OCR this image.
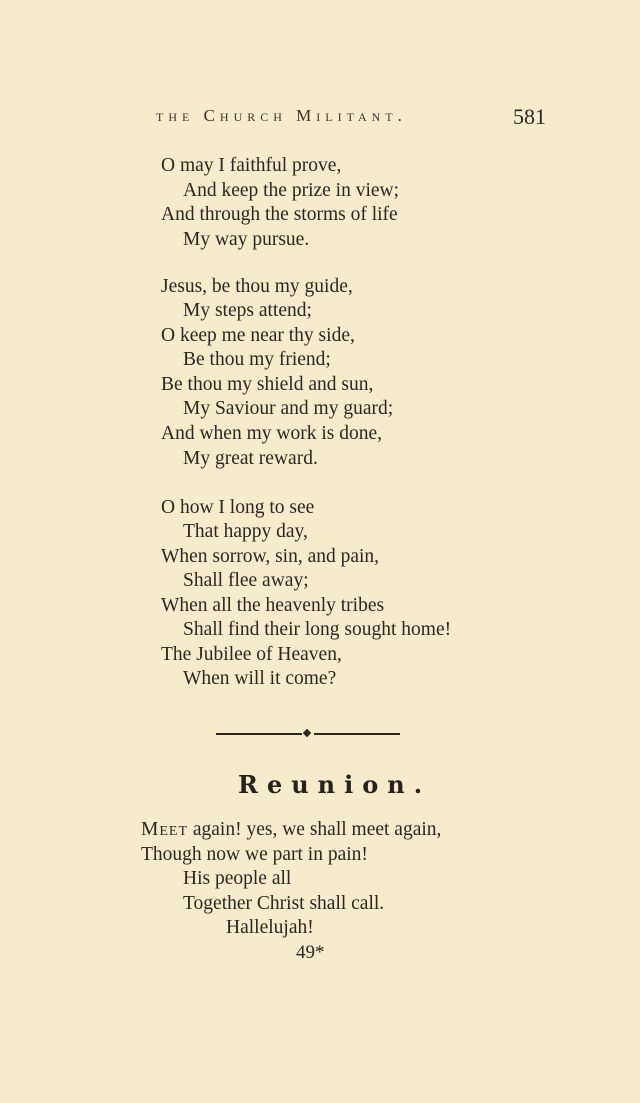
the Church Militant.	581
O may I faithful prove,
And keep the prize in view;
And through the storms of life
My way pursue.
Jesus, be thou my guide,
My steps attend;
O keep me near thy side,
Be thou my friend;
Be thou my shield and sun,
My Saviour and my guard;
And when my work is done,
My great reward.
O how I long to see
That happy day,
When sorrow, sin, and pain,
Shall flee away;
When all the heavenly tribes
Shall find their long sought home!
The Jubilee of Heaven,
When will it come?
Reunion.
Meet again! yes, we shall meet again,
Though now we part in pain!
His people all
Together Christ shall call.
Hallelujah!
49*
